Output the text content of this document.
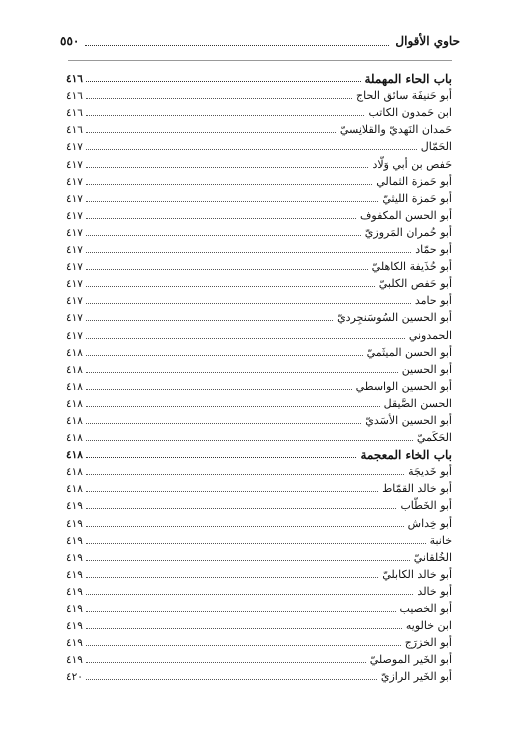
حاوي الأقوال
٥٥٠
باب الحاء المهملة
٤١٦
أبو حَنيفَة سائق الحاج
٤١٦
ابن حَمدون الكاتب
٤١٦
حَمدان النَهديّ والقلانِسيّ
٤١٦
الحَمّال
٤١٧
حَفص بن أبي وَلّاد
٤١٧
أبو حَمزة الثمالي
٤١٧
أبو حَمزة الليثيّ
٤١٧
أبو الحسن المكفوف
٤١٧
أبو حُمران المَروزيّ
٤١٧
أبو حمّاد
٤١٧
أبو حُذَيفة الكاهليّ
٤١٧
أبو حَفص الكلبيّ
٤١٧
أبو حامد
٤١٧
أبو الحسين السُوسَنجِرديّ
٤١٧
الحمدوني
٤١٧
أبو الحسن الميثَميّ
٤١٨
أبو الحسين
٤١٨
أبو الحسين الواسطي
٤١٨
الحسن الصَّيقل
٤١٨
أبو الحسين الأسَديّ
٤١٨
الحَكَميّ
٤١٨
باب الخاء المعجمة
٤١٨
أبو خَديجَة
٤١٨
أبو خالد القمّاط
٤١٨
أبو الخَطّاب
٤١٩
أبو خِداش
٤١٩
خانبة
٤١٩
الخُلقانيّ
٤١٩
أبو خالد الكابليّ
٤١٩
أبو خالد
٤١٩
أبو الخصيب
٤١٩
ابن خالويه
٤١٩
أبو الخزرَج
٤١٩
أبو الخَير الموصليّ
٤١٩
أبو الخَير الرازيّ
٤٢٠
